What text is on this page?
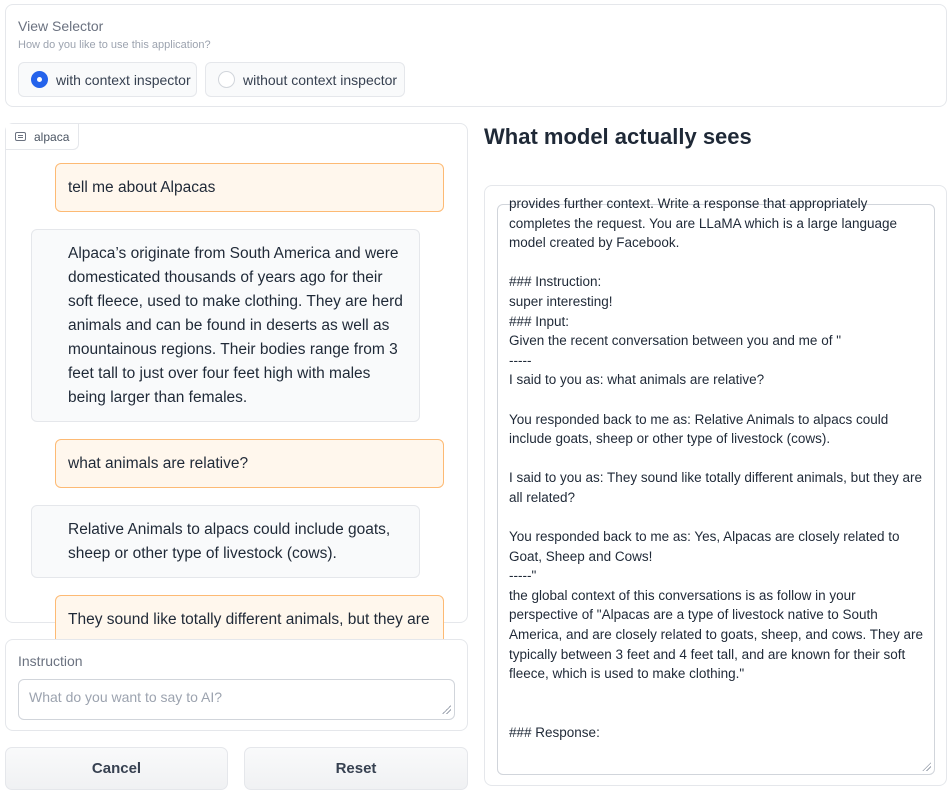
View Selector
How do you like to use this application?
with context inspector	without context inspector
alpaca
tell me about Alpacas
Alpaca’s originate from South America and were domesticated thousands of years ago for their soft fleece, used to make clothing. They are herd animals and can be found in deserts as well as mountainous regions. Their bodies range from 3 feet tall to just over four feet high with males being larger than females.
what animals are relative?
Relative Animals to alpacs could include goats, sheep or other type of livestock (cows).
They sound like totally different animals, but they are
Instruction
What do you want to say to AI?
Cancel	Reset
What model actually sees
provides further context. Write a response that appropriately completes the request. You are LLaMA which is a large language model created by Facebook.

### Instruction:
super interesting!
### Input:
Given the recent conversation between you and me of "
-----
I said to you as: what animals are relative?

You responded back to me as: Relative Animals to alpacs could include goats, sheep or other type of livestock (cows).

I said to you as: They sound like totally different animals, but they are all related?

You responded back to me as: Yes, Alpacas are closely related to Goat, Sheep and Cows!
-----"
the global context of this conversations is as follow in your perspective of "Alpacas are a type of livestock native to South America, and are closely related to goats, sheep, and cows. They are typically between 3 feet and 4 feet tall, and are known for their soft fleece, which is used to make clothing."

### Response:
